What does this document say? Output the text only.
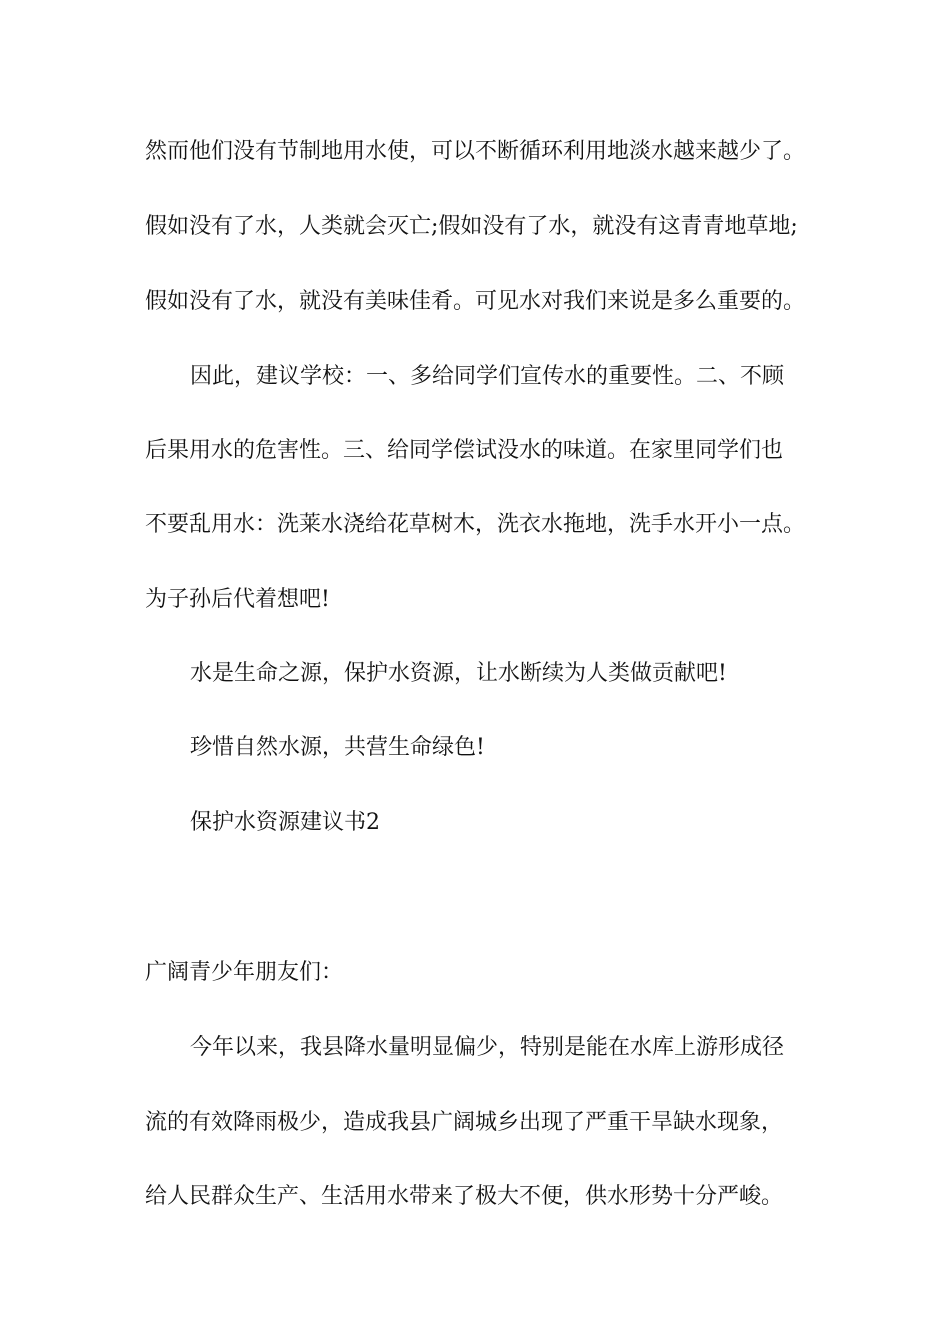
然而他们没有节制地用水使，可以不断循环利用地淡水越来越少了。
假如没有了水，人类就会灭亡;假如没有了水，就没有这青青地草地;
假如没有了水，就没有美味佳肴。可见水对我们来说是多么重要的。
因此，建议学校：一、多给同学们宣传水的重要性。二、不顾
后果用水的危害性。三、给同学偿试没水的味道。在家里同学们也
不要乱用水：洗莱水浇给花草树木，洗衣水拖地，洗手水开小一点。
为子孙后代着想吧!
水是生命之源，保护水资源，让水断续为人类做贡献吧!
珍惜自然水源，共营生命绿色!
保护水资源建议书2
广阔青少年朋友们：
今年以来，我县降水量明显偏少，特别是能在水库上游形成径
流的有效降雨极少，造成我县广阔城乡出现了严重干旱缺水现象，
给人民群众生产、生活用水带来了极大不便，供水形势十分严峻。
